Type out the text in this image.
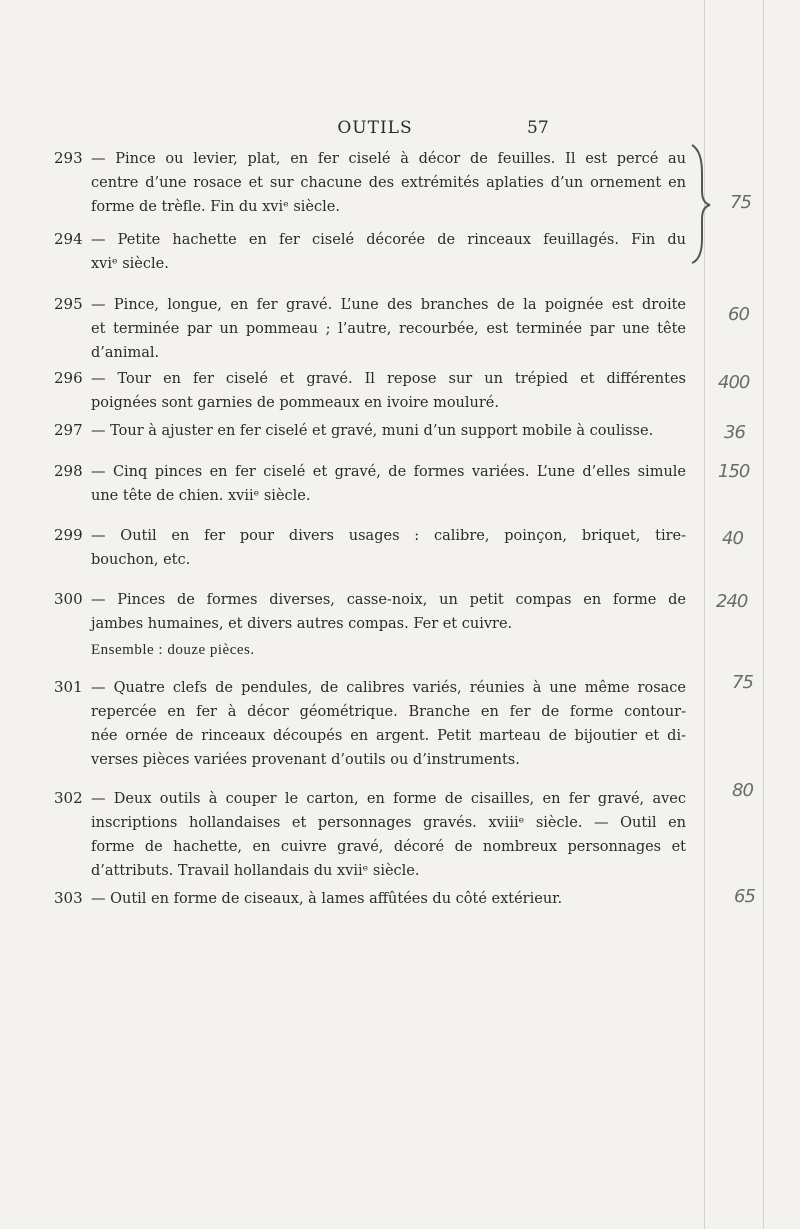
OUTILS	57
293 — Pince ou levier, plat, en fer ciselé à décor de feuilles. Il est percé au
centre d’une rosace et sur chacune des extrémités aplaties d’un ornement en
forme de trèfle. Fin du xviᵉ siècle.
294 — Petite hachette en fer ciselé décorée de rinceaux feuillagés. Fin du
xviᵉ siècle.
295 — Pince, longue, en fer gravé. L’une des branches de la poignée est droite
et terminée par un pommeau ; l’autre, recourbée, est terminée par une tête
d’animal.
296 — Tour en fer ciselé et gravé. Il repose sur un trépied et différentes
poignées sont garnies de pommeaux en ivoire mouluré.
297 — Tour à ajuster en fer ciselé et gravé, muni d’un support mobile à coulisse.
298 — Cinq pinces en fer ciselé et gravé, de formes variées. L’une d’elles simule
une tête de chien. xviiᵉ siècle.
299 — Outil en fer pour divers usages : calibre, poinçon, briquet, tire-
bouchon, etc.
300 — Pinces de formes diverses, casse-noix, un petit compas en forme de
jambes humaines, et divers autres compas. Fer et cuivre.
Ensemble : douze pièces.
301 — Quatre clefs de pendules, de calibres variés, réunies à une même rosace
repercée en fer à décor géométrique. Branche en fer de forme contour-
née ornée de rinceaux découpés en argent. Petit marteau de bijoutier et di-
verses pièces variées provenant d’outils ou d’instruments.
302 — Deux outils à couper le carton, en forme de cisailles, en fer gravé, avec
inscriptions hollandaises et personnages gravés. xviiiᵉ siècle. — Outil en
forme de hachette, en cuivre gravé, décoré de nombreux personnages et
d’attributs. Travail hollandais du xviiᵉ siècle.
303 — Outil en forme de ciseaux, à lames affûtées du côté extérieur.
75
60
400
36
150
40
240
75
80
65
